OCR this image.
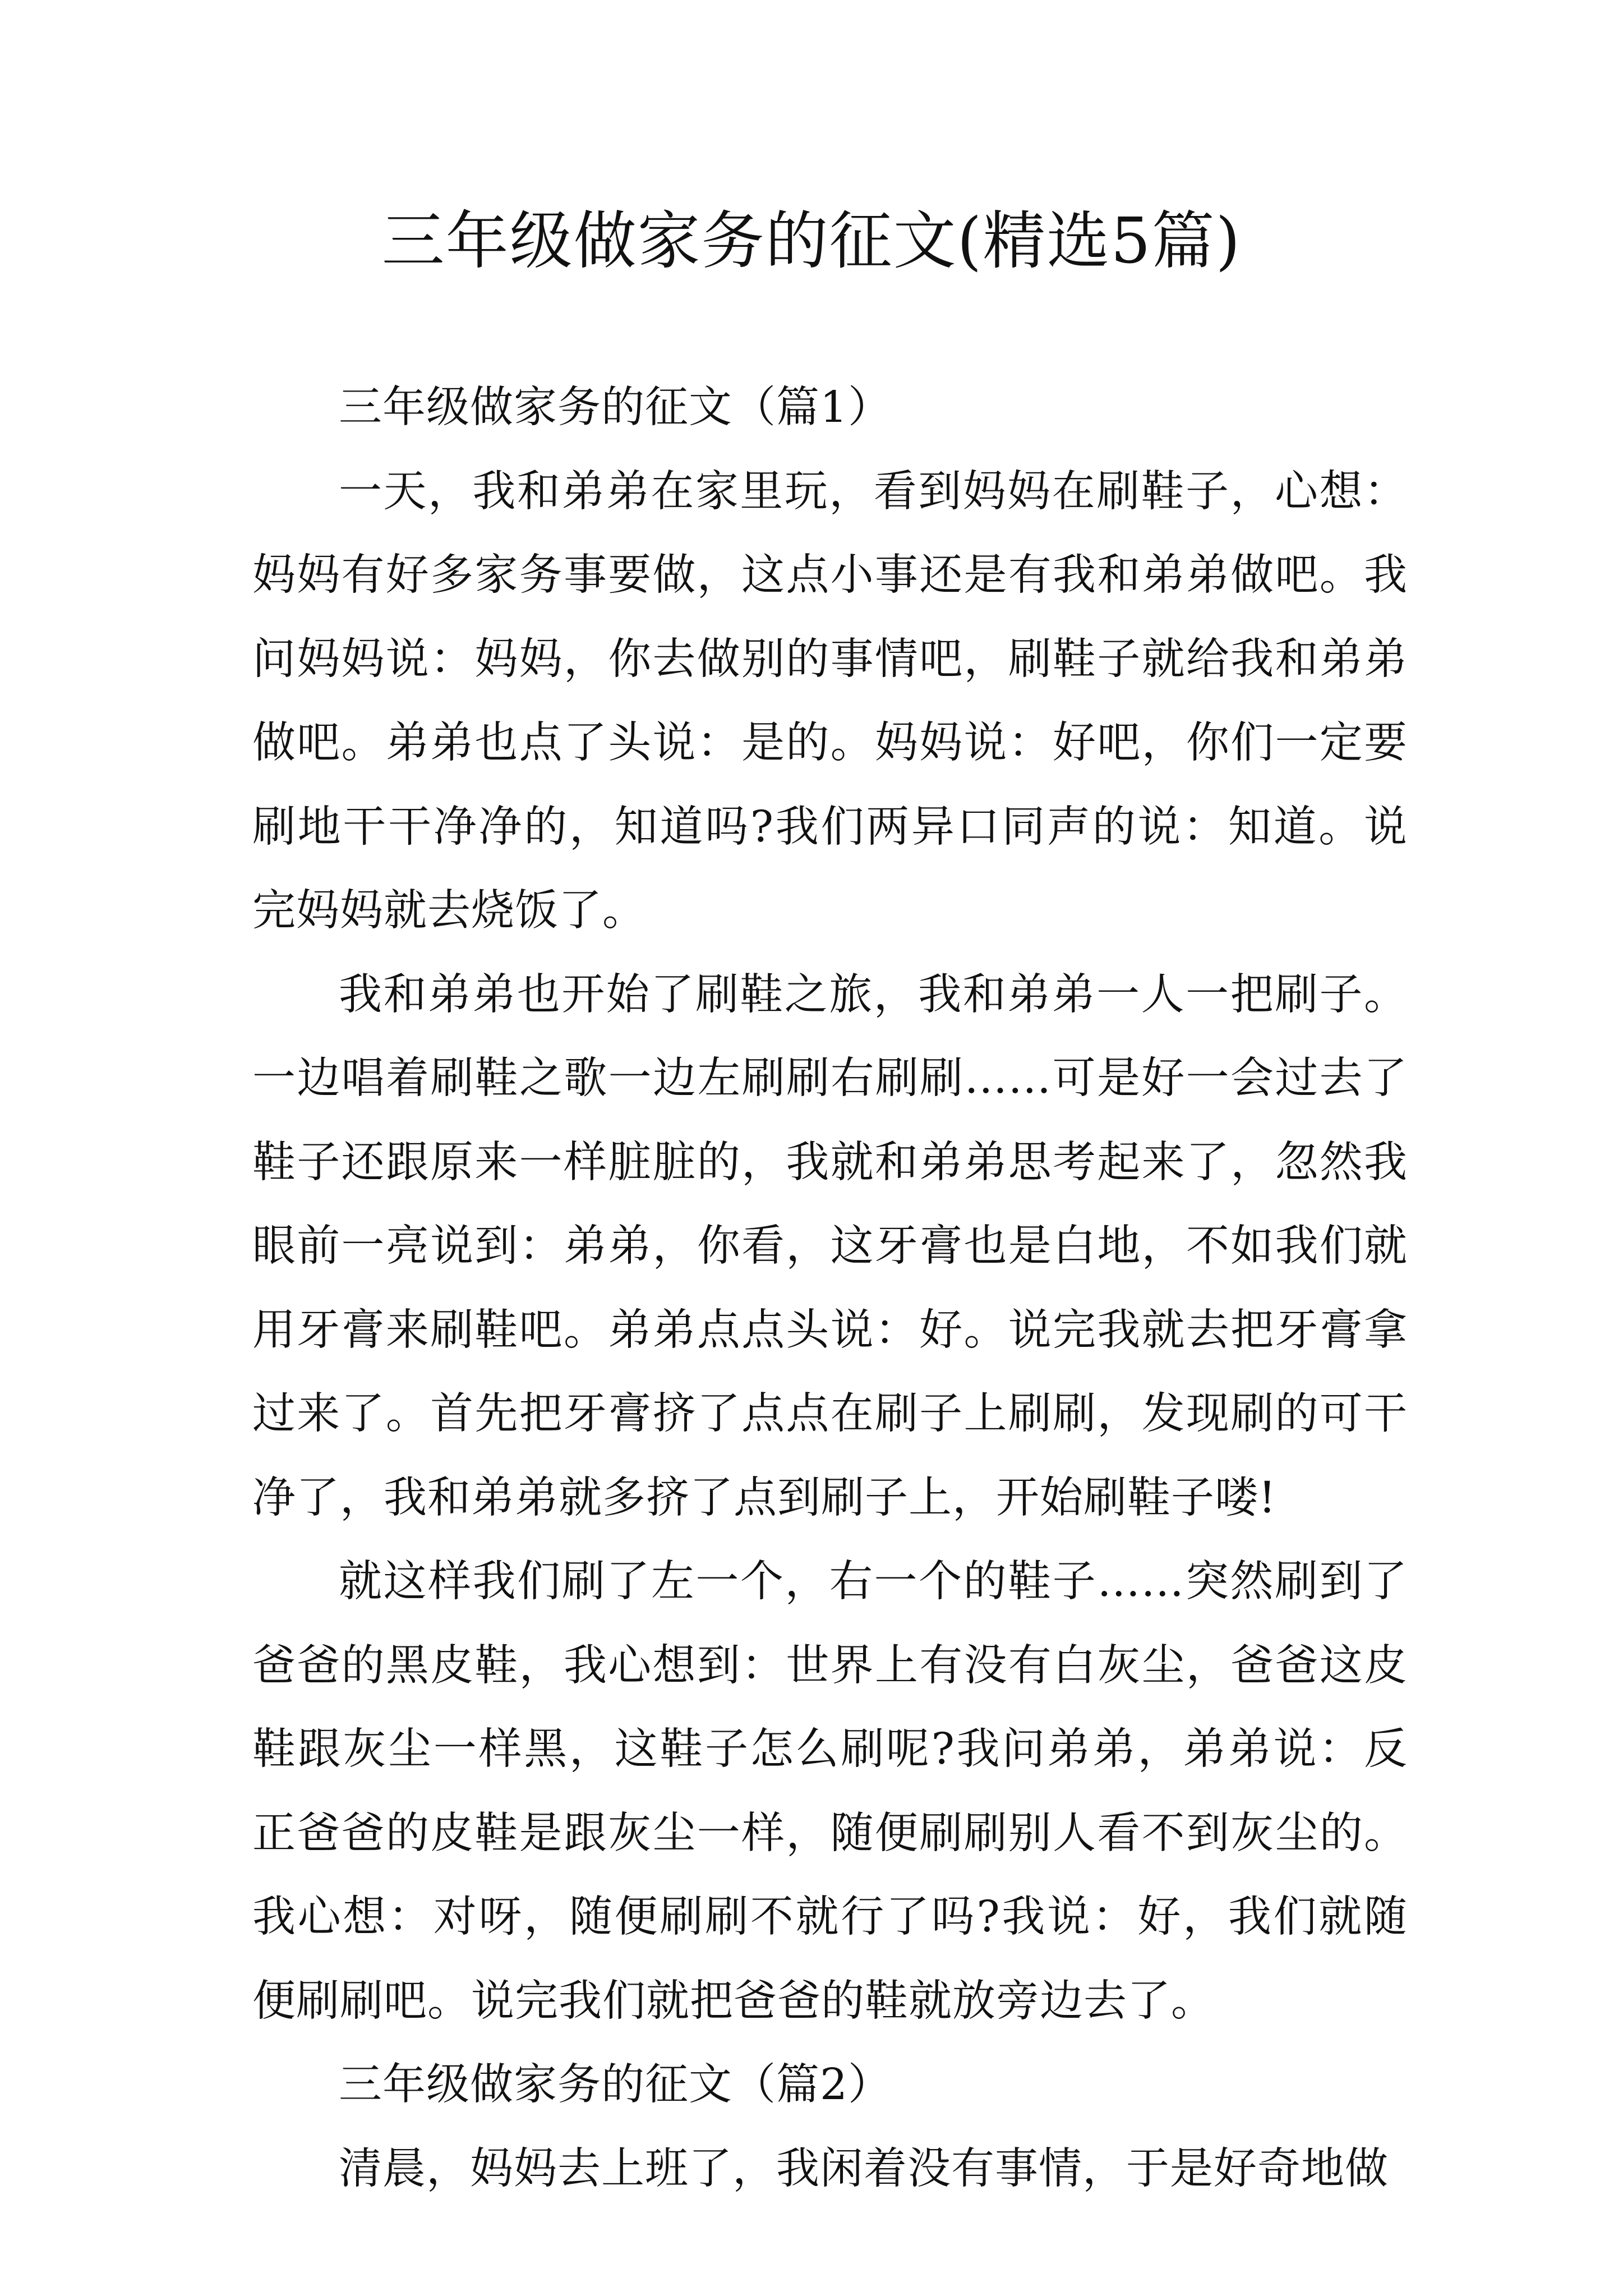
三年级做家务的征文(精选5篇)
三年级做家务的征文（篇1）

一天，我和弟弟在家里玩，看到妈妈在刷鞋子，心想：妈妈有好多家务事要做，这点小事还是有我和弟弟做吧。我问妈妈说：妈妈，你去做别的事情吧，刷鞋子就给我和弟弟做吧。弟弟也点了头说：是的。妈妈说：好吧，你们一定要刷地干干净净的，知道吗?我们两异口同声的说：知道。说完妈妈就去烧饭了。

我和弟弟也开始了刷鞋之旅，我和弟弟一人一把刷子。一边唱着刷鞋之歌一边左刷刷右刷刷……可是好一会过去了鞋子还跟原来一样脏脏的，我就和弟弟思考起来了，忽然我眼前一亮说到：弟弟，你看，这牙膏也是白地，不如我们就用牙膏来刷鞋吧。弟弟点点头说：好。说完我就去把牙膏拿过来了。首先把牙膏挤了点点在刷子上刷刷，发现刷的可干净了，我和弟弟就多挤了点到刷子上，开始刷鞋子喽!

就这样我们刷了左一个，右一个的鞋子……突然刷到了爸爸的黑皮鞋，我心想到：世界上有没有白灰尘，爸爸这皮鞋跟灰尘一样黑，这鞋子怎么刷呢?我问弟弟，弟弟说：反正爸爸的皮鞋是跟灰尘一样，随便刷刷别人看不到灰尘的。我心想：对呀，随便刷刷不就行了吗?我说：好，我们就随便刷刷吧。说完我们就把爸爸的鞋就放旁边去了。

三年级做家务的征文（篇2）

清晨，妈妈去上班了，我闲着没有事情，于是好奇地做
